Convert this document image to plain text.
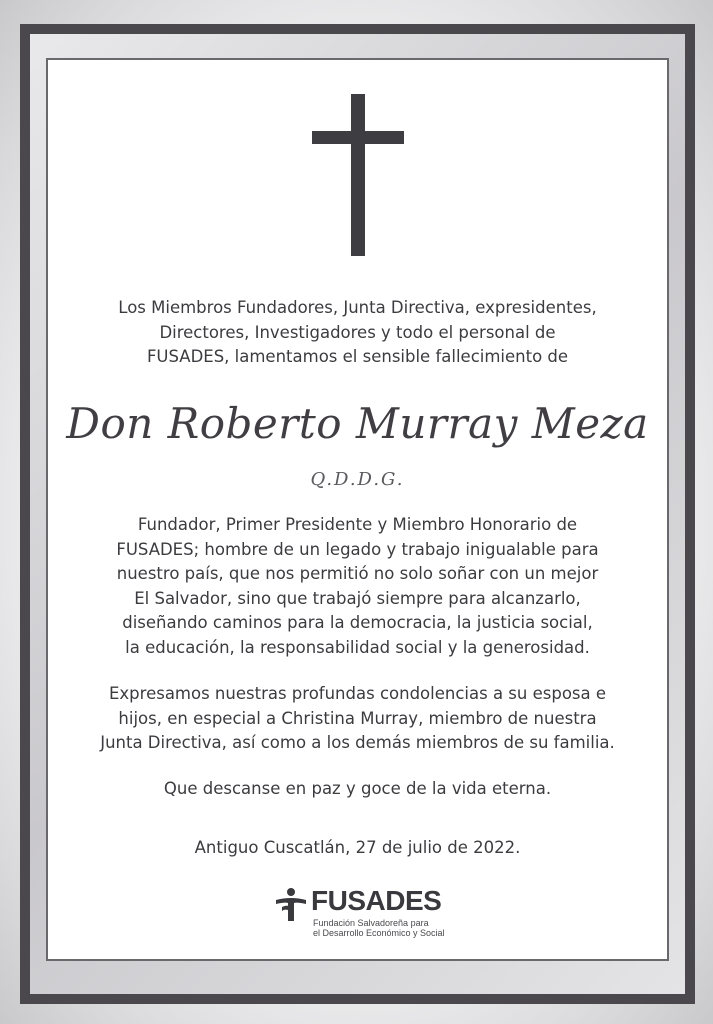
Los Miembros Fundadores, Junta Directiva, expresidentes,
Directores, Investigadores y todo el personal de
FUSADES, lamentamos el sensible fallecimiento de
Don Roberto Murray Meza
Q.D.D.G.
Fundador, Primer Presidente y Miembro Honorario de
FUSADES; hombre de un legado y trabajo inigualable para
nuestro país, que nos permitió no solo soñar con un mejor
El Salvador, sino que trabajó siempre para alcanzarlo,
diseñando caminos para la democracia, la justicia social,
la educación, la responsabilidad social y la generosidad.
Expresamos nuestras profundas condolencias a su esposa e
hijos, en especial a Christina Murray, miembro de nuestra
Junta Directiva, así como a los demás miembros de su familia.
Que descanse en paz y goce de la vida eterna.
Antiguo Cuscatlán, 27 de julio de 2022.
FUSADES
Fundación Salvadoreña para
el Desarrollo Económico y Social
